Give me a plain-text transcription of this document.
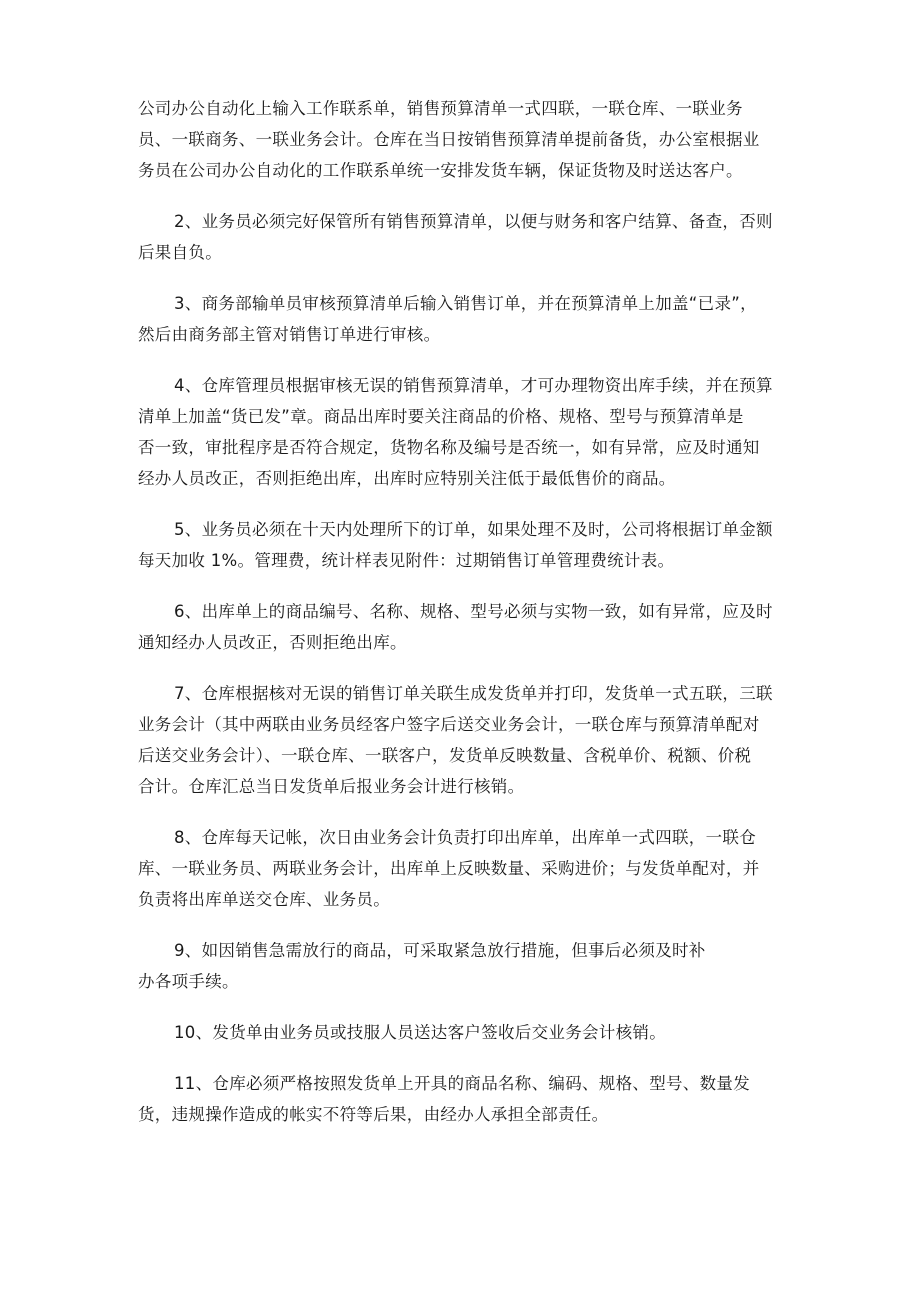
公司办公自动化上输入工作联系单，销售预算清单一式四联，一联仓库、一联业务
员、一联商务、一联业务会计。仓库在当日按销售预算清单提前备货，办公室根据业
务员在公司办公自动化的工作联系单统一安排发货车辆，保证货物及时送达客户。

2、业务员必须完好保管所有销售预算清单，以便与财务和客户结算、备查，否则
后果自负。

3、商务部输单员审核预算清单后输入销售订单，并在预算清单上加盖“已录”，
然后由商务部主管对销售订单进行审核。

4、仓库管理员根据审核无误的销售预算清单，才可办理物资出库手续，并在预算
清单上加盖“货已发”章。商品出库时要关注商品的价格、规格、型号与预算清单是
否一致，审批程序是否符合规定，货物名称及编号是否统一，如有异常，应及时通知
经办人员改正，否则拒绝出库，出库时应特别关注低于最低售价的商品。

5、业务员必须在十天内处理所下的订单，如果处理不及时，公司将根据订单金额
每天加收 1%。管理费，统计样表见附件：过期销售订单管理费统计表。

6、出库单上的商品编号、名称、规格、型号必须与实物一致，如有异常，应及时
通知经办人员改正，否则拒绝出库。

7、仓库根据核对无误的销售订单关联生成发货单并打印，发货单一式五联，三联
业务会计（其中两联由业务员经客户签字后送交业务会计，一联仓库与预算清单配对
后送交业务会计）、一联仓库、一联客户，发货单反映数量、含税单价、税额、价税
合计。仓库汇总当日发货单后报业务会计进行核销。

8、仓库每天记帐，次日由业务会计负责打印出库单，出库单一式四联，一联仓
库、一联业务员、两联业务会计，出库单上反映数量、采购进价；与发货单配对，并
负责将出库单送交仓库、业务员。

9、如因销售急需放行的商品，可采取紧急放行措施，但事后必须及时补
办各项手续。

10、发货单由业务员或技服人员送达客户签收后交业务会计核销。

11、仓库必须严格按照发货单上开具的商品名称、编码、规格、型号、数量发
货，违规操作造成的帐实不符等后果，由经办人承担全部责任。
